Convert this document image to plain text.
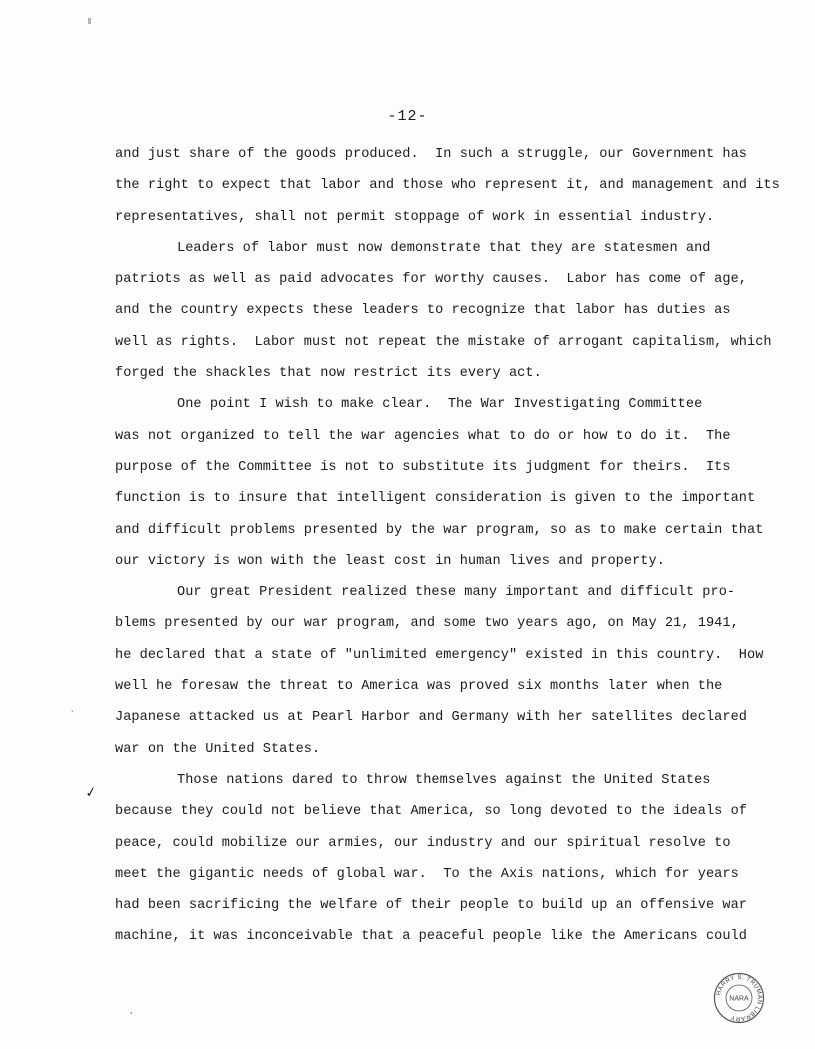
-12-
and just share of the goods produced.  In such a struggle, our Government has
the right to expect that labor and those who represent it, and management and its
representatives, shall not permit stoppage of work in essential industry.
Leaders of labor must now demonstrate that they are statesmen and
patriots as well as paid advocates for worthy causes.  Labor has come of age,
and the country expects these leaders to recognize that labor has duties as
well as rights.  Labor must not repeat the mistake of arrogant capitalism, which
forged the shackles that now restrict its every act.
One point I wish to make clear.  The War Investigating Committee
was not organized to tell the war agencies what to do or how to do it.  The
purpose of the Committee is not to substitute its judgment for theirs.  Its
function is to insure that intelligent consideration is given to the important
and difficult problems presented by the war program, so as to make certain that
our victory is won with the least cost in human lives and property.
Our great President realized these many important and difficult pro-
blems presented by our war program, and some two years ago, on May 21, 1941,
he declared that a state of "unlimited emergency" existed in this country.  How
well he foresaw the threat to America was proved six months later when the
Japanese attacked us at Pearl Harbor and Germany with her satellites declared
war on the United States.
Those nations dared to throw themselves against the United States
because they could not believe that America, so long devoted to the ideals of
peace, could mobilize our armies, our industry and our spiritual resolve to
meet the gigantic needs of global war.  To the Axis nations, which for years
had been sacrificing the welfare of their people to build up an offensive war
machine, it was inconceivable that a peaceful people like the Americans could
✓
ˎ
ˎ
HARRY S. TRUMAN LIBRARY
NARA
